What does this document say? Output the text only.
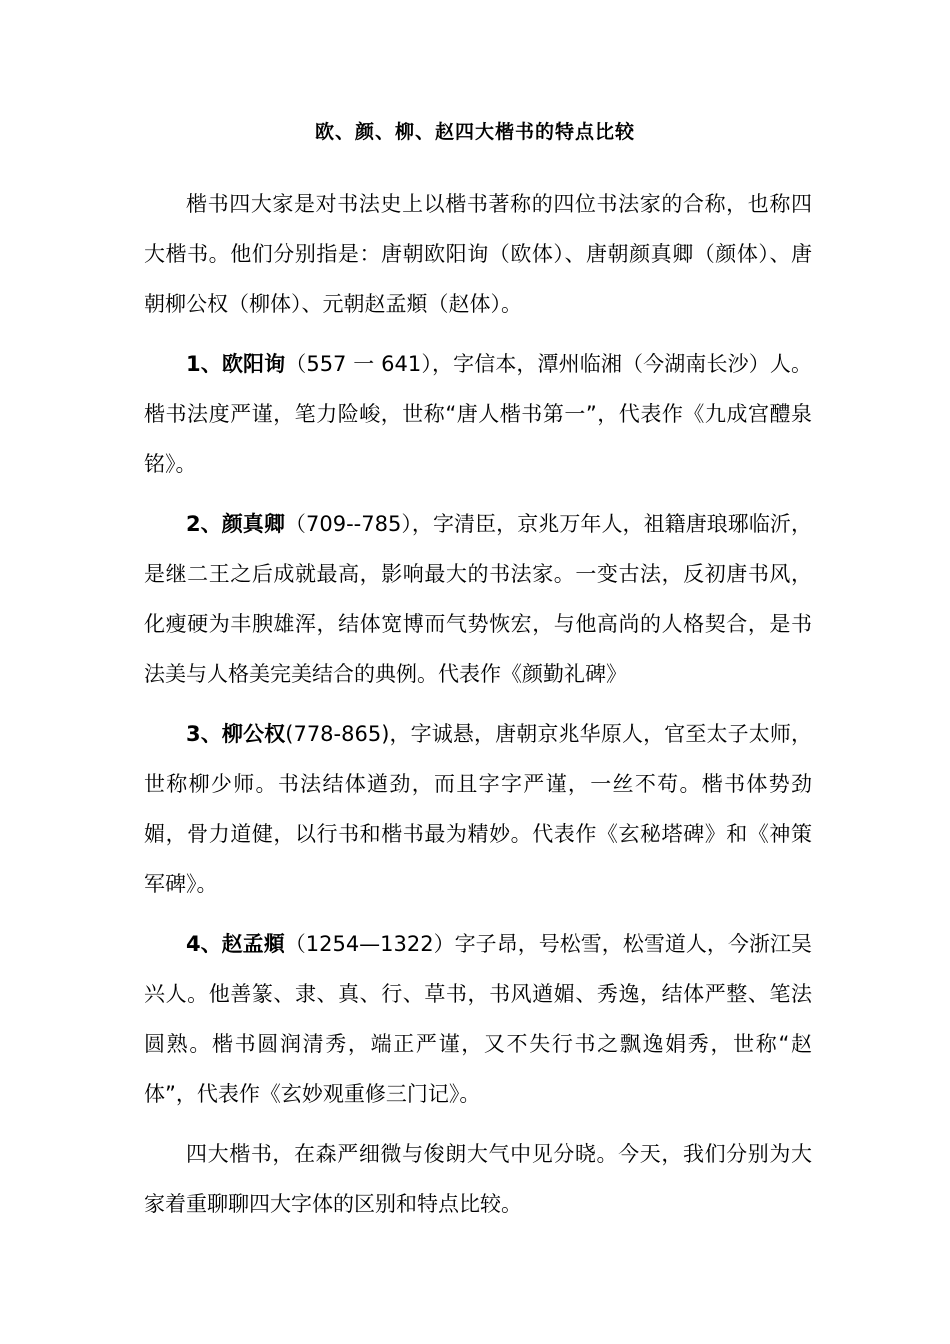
欧、颜、柳、赵四大楷书的特点比较

楷书四大家是对书法史上以楷书著称的四位书法家的合称，也称四大楷书。他们分别指是：唐朝欧阳询（欧体）、唐朝颜真卿（颜体）、唐朝柳公权（柳体）、元朝赵孟頫（赵体）。

1、欧阳询（557 一 641），字信本，潭州临湘（今湖南长沙）人。楷书法度严谨，笔力险峻，世称“唐人楷书第一”，代表作《九成宫醴泉铭》。

2、颜真卿（709--785），字清臣，京兆万年人，祖籍唐琅琊临沂，是继二王之后成就最高，影响最大的书法家。一变古法，反初唐书风，化瘦硬为丰腴雄浑，结体宽博而气势恢宏，与他高尚的人格契合，是书法美与人格美完美结合的典例。代表作《颜勤礼碑》

3、柳公权(778-865)，字诚悬，唐朝京兆华原人，官至太子太师，世称柳少师。书法结体遒劲，而且字字严谨，一丝不苟。楷书体势劲媚，骨力道健，以行书和楷书最为精妙。代表作《玄秘塔碑》和《神策军碑》。

4、赵孟頫（1254—1322）字子昂，号松雪，松雪道人，今浙江吴兴人。他善篆、隶、真、行、草书，书风遒媚、秀逸，结体严整、笔法圆熟。楷书圆润清秀，端正严谨，又不失行书之飘逸娟秀，世称“赵体”，代表作《玄妙观重修三门记》。

四大楷书，在森严细微与俊朗大气中见分晓。今天，我们分别为大家着重聊聊四大字体的区别和特点比较。
